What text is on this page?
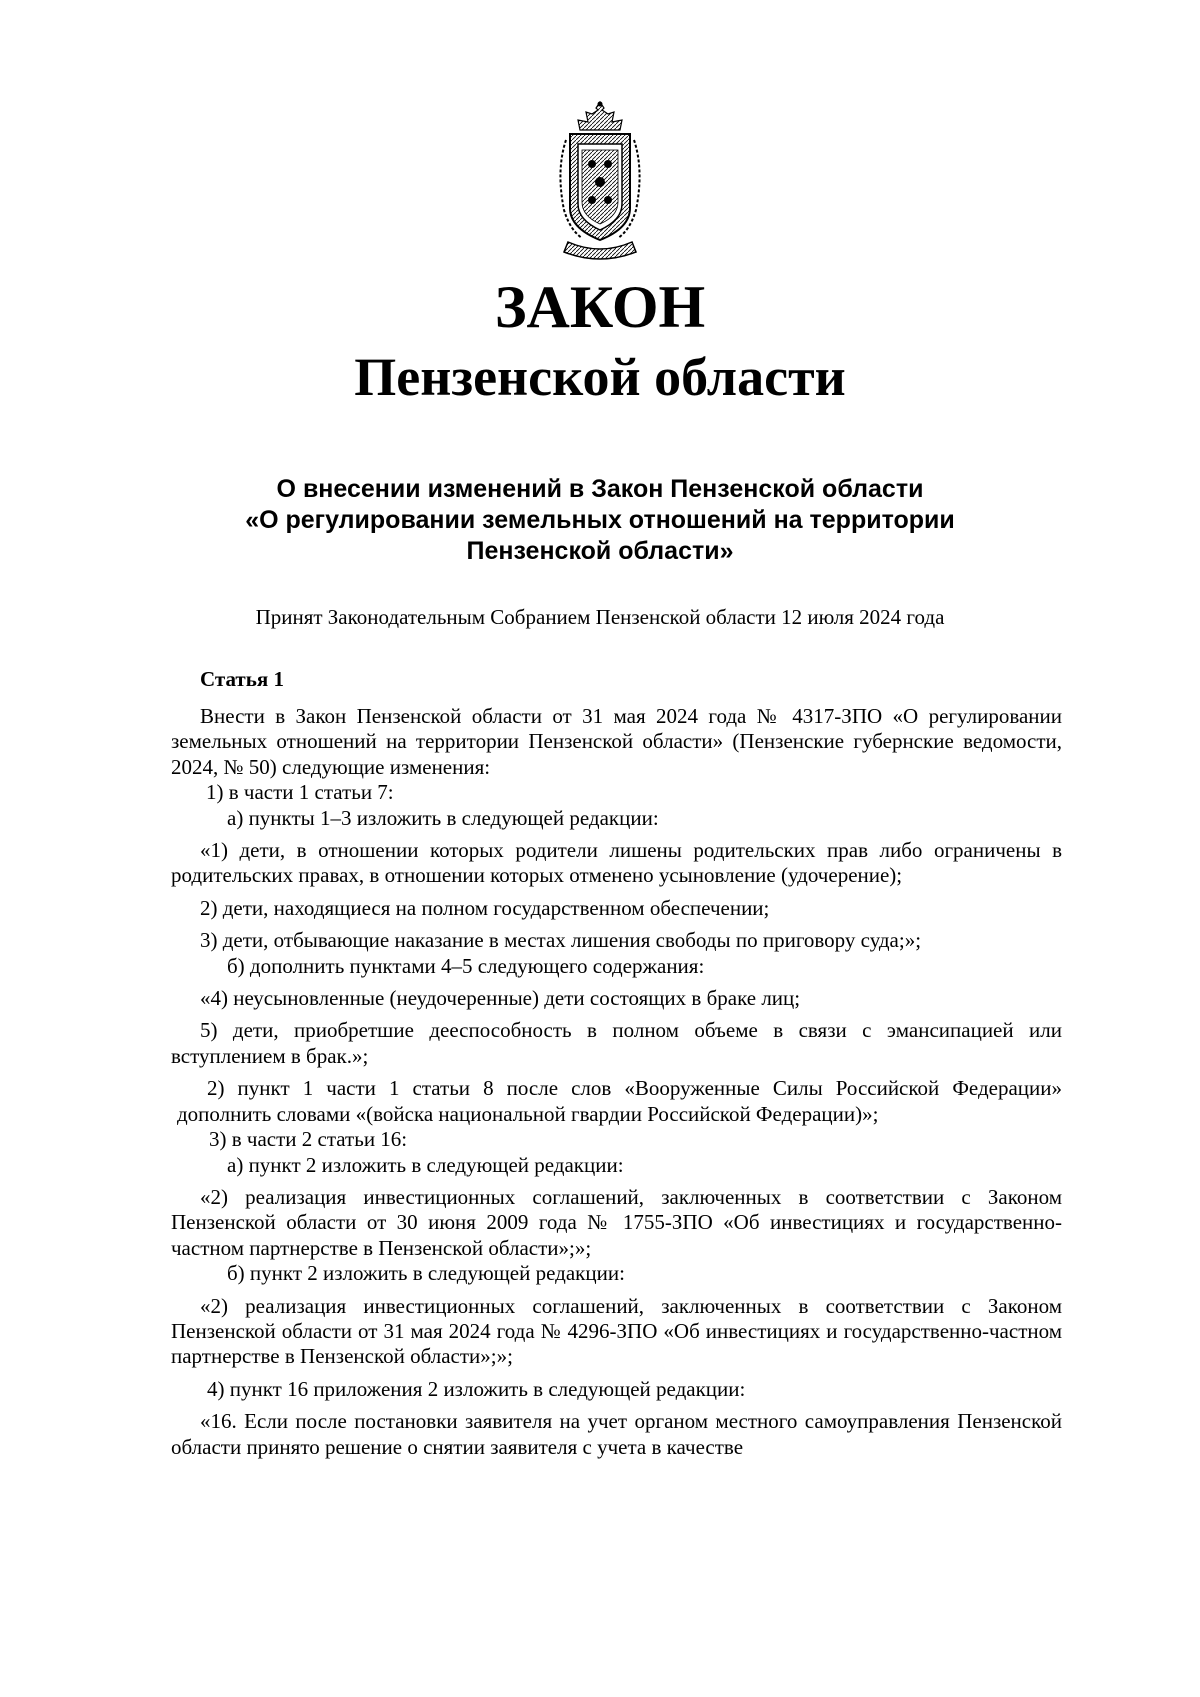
ЗАКОН
Пензенской области
О внесении изменений в Закон Пензенской области
«О регулировании земельных отношений на территории
Пензенской области»
Принят Законодательным Собранием Пензенской области 12 июля 2024 года
Статья 1

Внести в Закон Пензенской области от 31 мая 2024 года № 4317-ЗПО «О регулировании земельных отношений на территории Пензенской области» (Пензенские губернские ведомости, 2024, № 50) следующие изменения:

1) в части 1 статьи 7:

а) пункты 1–3 изложить в следующей редакции:

«1) дети, в отношении которых родители лишены родительских прав либо ограничены в родительских правах, в отношении которых отменено усыновление (удочерение);

2) дети, находящиеся на полном государственном обеспечении;

3) дети, отбывающие наказание в местах лишения свободы по приговору суда;»;

б) дополнить пунктами 4–5 следующего содержания:

«4) неусыновленные (неудочеренные) дети состоящих в браке лиц;

5) дети, приобретшие дееспособность в полном объеме в связи с эмансипацией или вступлением в брак.»;

2) пункт 1 части 1 статьи 8 после слов «Вооруженные Силы Российской Федерации» дополнить словами «(войска национальной гвардии Российской Федерации)»;

3) в части 2 статьи 16:

а) пункт 2 изложить в следующей редакции:

«2) реализация инвестиционных соглашений, заключенных в соответствии с Законом Пензенской области от 30 июня 2009 года № 1755-ЗПО «Об инвестициях и государственно-частном партнерстве в Пензенской области»;»;

б) пункт 2 изложить в следующей редакции:

«2) реализация инвестиционных соглашений, заключенных в соответствии с Законом Пензенской области от 31 мая 2024 года № 4296-ЗПО «Об инвестициях и государственно-частном партнерстве в Пензенской области»;»;

4) пункт 16 приложения 2 изложить в следующей редакции:

«16. Если после постановки заявителя на учет органом местного самоуправления Пензенской области принято решение о снятии заявителя с учета в качестве
